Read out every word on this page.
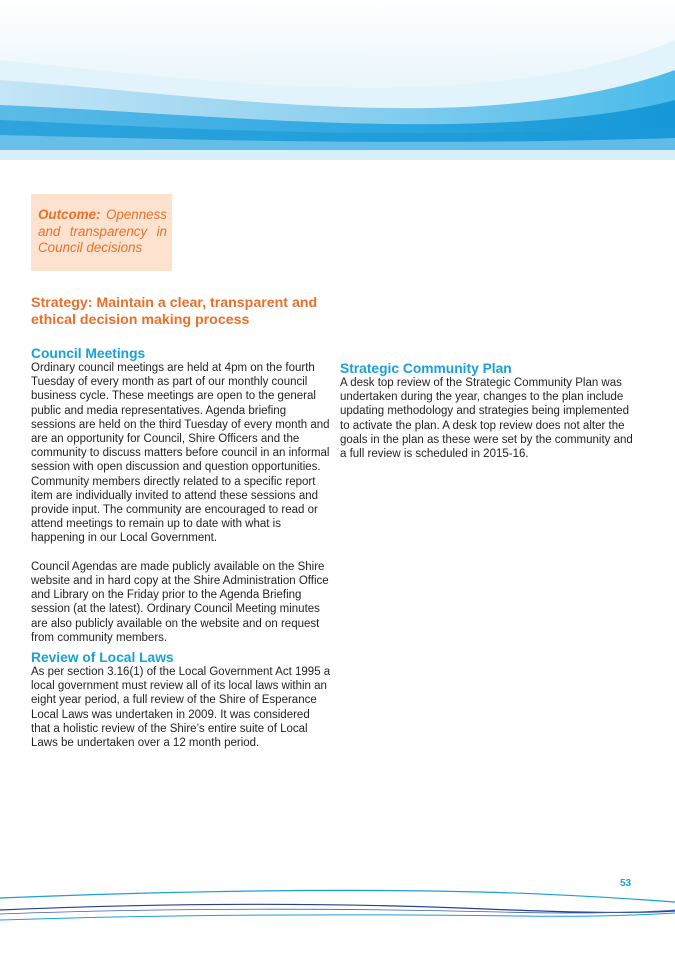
Outcome: Openness and transparency in Council decisions
Strategy: Maintain a clear, transparent and ethical decision making process
Council Meetings

Ordinary council meetings are held at 4pm on the fourth Tuesday of every month as part of our monthly council business cycle. These meetings are open to the general public and media representatives. Agenda briefing sessions are held on the third Tuesday of every month and are an opportunity for Council, Shire Officers and the community to discuss matters before council in an informal session with open discussion and question opportunities. Community members directly related to a specific report item are individually invited to attend these sessions and provide input. The community are encouraged to read or attend meetings to remain up to date with what is happening in our Local Government.

Council Agendas are made publicly available on the Shire website and in hard copy at the Shire Administration Office and Library on the Friday prior to the Agenda Briefing session (at the latest). Ordinary Council Meeting minutes are also publicly available on the website and on request from community members.

Review of Local Laws

As per section 3.16(1) of the Local Government Act 1995 a local government must review all of its local laws within an eight year period, a full review of the Shire of Esperance Local Laws was undertaken in 2009. It was considered that a holistic review of the Shire’s entire suite of Local Laws be undertaken over a 12 month period.

Strategic Community Plan

A desk top review of the Strategic Community Plan was undertaken during the year, changes to the plan include updating methodology and strategies being implemented to activate the plan. A desk top review does not alter the goals in the plan as these were set by the community and a full review is scheduled in 2015-16.

53
